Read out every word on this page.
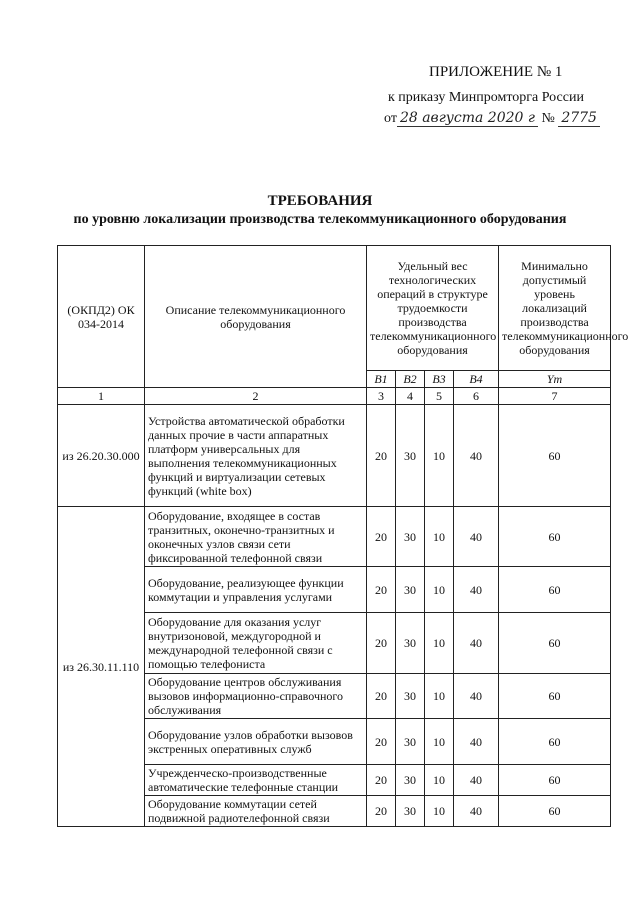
ПРИЛОЖЕНИЕ № 1
к приказу Минпромторга России
от 28 августа 2020 г № 2775
ТРЕБОВАНИЯ
по уровню локализации производства телекоммуникационного оборудования
(ОКПД2) ОК 034-2014	Описание телекоммуникационного оборудования	Удельный вес технологических операций в структуре трудоемкости производства телекоммуникационного оборудования				Минимально допустимый уровень локализаций производства телекоммуникационного оборудования
		B1	B2	B3	B4	Ym
1	2	3	4	5	6	7
из 26.20.30.000	Устройства автоматической обработки данных прочие в части аппаратных платформ универсальных для выполнения телекоммуникационных функций и виртуализации сетевых функций (white box)	20	30	10	40	60
из 26.30.11.110	Оборудование, входящее в состав транзитных, оконечно-транзитных и оконечных узлов связи сети фиксированной телефонной связи	20	30	10	40	60
	Оборудование, реализующее функции коммутации и управления услугами	20	30	10	40	60
	Оборудование для оказания услуг внутризоновой, междугородной и международной телефонной связи с помощью телефониста	20	30	10	40	60
	Оборудование центров обслуживания вызовов информационно-справочного обслуживания	20	30	10	40	60
	Оборудование узлов обработки вызовов экстренных оперативных служб	20	30	10	40	60
	Учрежденческо-производственные автоматические телефонные станции	20	30	10	40	60
	Оборудование коммутации сетей подвижной радиотелефонной связи	20	30	10	40	60
